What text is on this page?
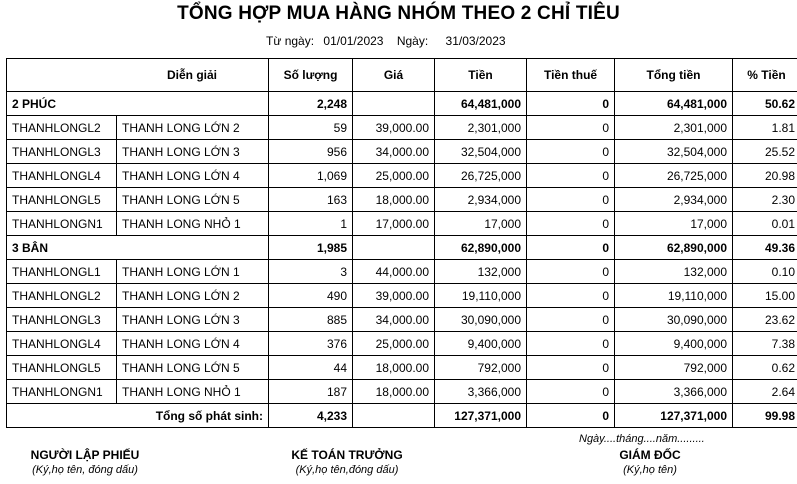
TỔNG HỢP MUA HÀNG NHÓM THEO 2 CHỈ TIÊU
Từ ngày: 01/01/2023 Ngày: 31/03/2023
Diễn giải		Số lượng	Giá	Tiền	Tiền thuế	Tổng tiền	% Tiền
2 PHÚC		2,248		64,481,000	0	64,481,000	50.62
THANHLONGL2	THANH LONG LỚN 2	59	39,000.00	2,301,000	0	2,301,000	1.81
THANHLONGL3	THANH LONG LỚN 3	956	34,000.00	32,504,000	0	32,504,000	25.52
THANHLONGL4	THANH LONG LỚN 4	1,069	25,000.00	26,725,000	0	26,725,000	20.98
THANHLONGL5	THANH LONG LỚN 5	163	18,000.00	2,934,000	0	2,934,000	2.30
THANHLONGN1	THANH LONG NHỎ 1	1	17,000.00	17,000	0	17,000	0.01
3 BÂN		1,985		62,890,000	0	62,890,000	49.36
THANHLONGL1	THANH LONG LỚN 1	3	44,000.00	132,000	0	132,000	0.10
THANHLONGL2	THANH LONG LỚN 2	490	39,000.00	19,110,000	0	19,110,000	15.00
THANHLONGL3	THANH LONG LỚN 3	885	34,000.00	30,090,000	0	30,090,000	23.62
THANHLONGL4	THANH LONG LỚN 4	376	25,000.00	9,400,000	0	9,400,000	7.38
THANHLONGL5	THANH LONG LỚN 5	44	18,000.00	792,000	0	792,000	0.62
THANHLONGN1	THANH LONG NHỎ 1	187	18,000.00	3,366,000	0	3,366,000	2.64
Tổng số phát sinh:		4,233		127,371,000	0	127,371,000	99.98
Ngày....tháng....năm.........
NGƯỜI LẬP PHIẾU
(Ký,họ tên, đóng dấu)
KẾ TOÁN TRƯỞNG
(Ký,họ tên,đóng dấu)
GIÁM ĐỐC
(Ký,họ tên)
